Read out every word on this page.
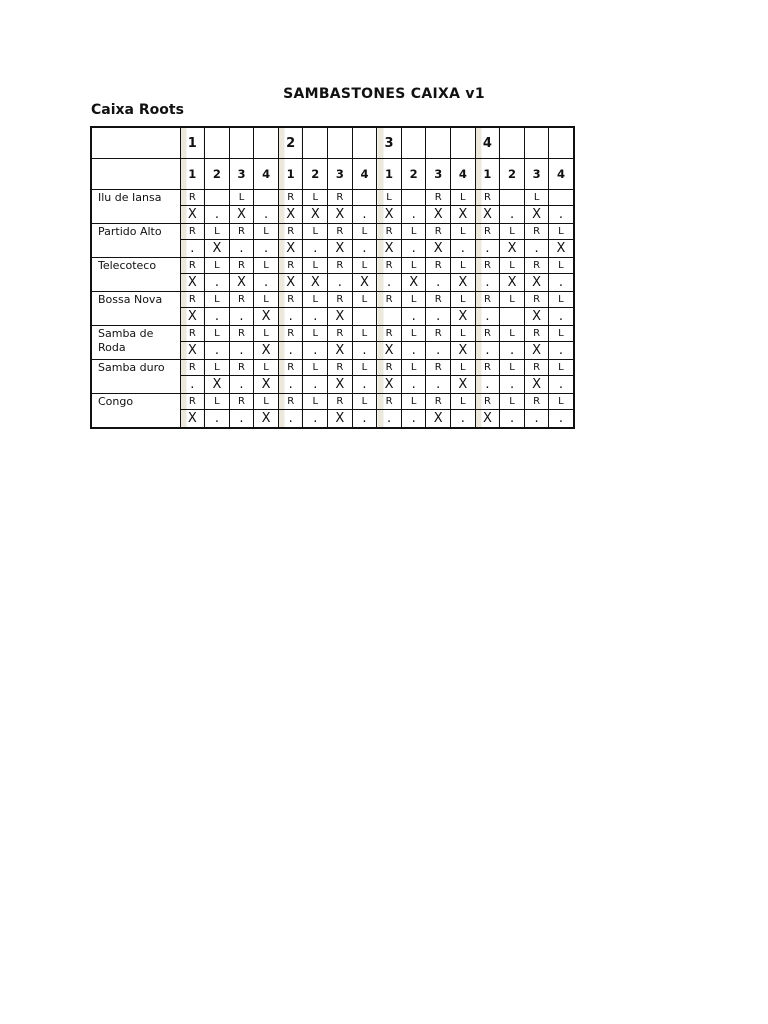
SAMBASTONES CAIXA v1
Caixa Roots
	1				2				3				4			
	1	2	3	4	1	2	3	4	1	2	3	4	1	2	3	4
Ilu de Iansa	R		L		R	L	R		L		R	L	R		L	
	X	.	X	.	X	X	X	.	X	.	X	X	X	.	X	.
Partido Alto	R	L	R	L	R	L	R	L	R	L	R	L	R	L	R	L
	.	X	.	.	X	.	X	.	X	.	X	.	.	X	.	X
Telecoteco	R	L	R	L	R	L	R	L	R	L	R	L	R	L	R	L
	X	.	X	.	X	X	.	X	.	X	.	X	.	X	X	.
Bossa Nova	R	L	R	L	R	L	R	L	R	L	R	L	R	L	R	L
	X	.	.	X	.	.	X			.	.	X	.		X	.
Samba de Roda	R	L	R	L	R	L	R	L	R	L	R	L	R	L	R	L
	X	.	.	X	.	.	X	.	X	.	.	X	.	.	X	.
Samba duro	R	L	R	L	R	L	R	L	R	L	R	L	R	L	R	L
	.	X	.	X	.	.	X	.	X	.	.	X	.	.	X	.
Congo	R	L	R	L	R	L	R	L	R	L	R	L	R	L	R	L
	X	.	.	X	.	.	X	.	.	.	X	.	X	.	.	.
